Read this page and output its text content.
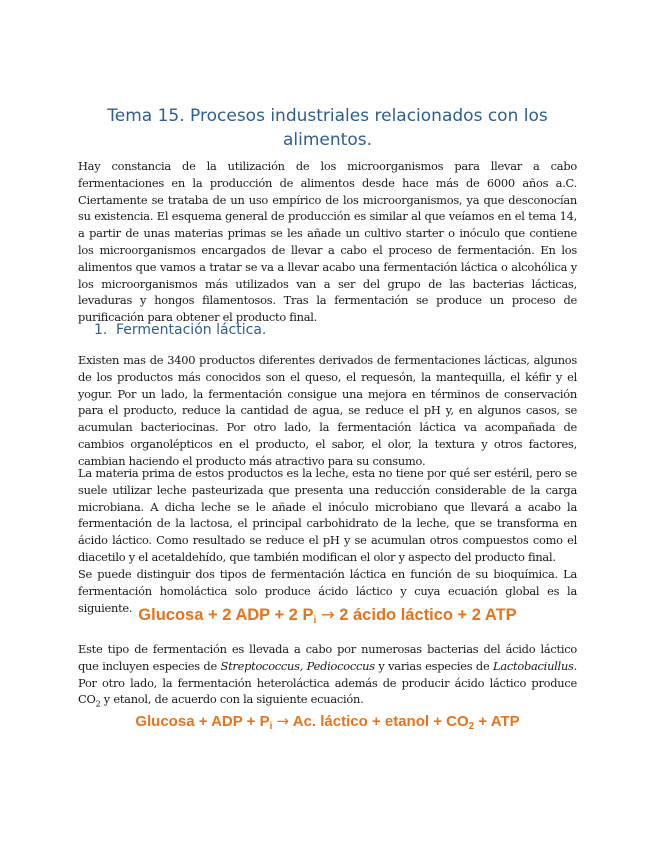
Tema 15. Procesos industriales relacionados con los
alimentos.

Hay constancia de la utilización de los microorganismos para llevar a cabo fermentaciones en la producción de alimentos desde hace más de 6000 años a.C. Ciertamente se trataba de un uso empírico de los microorganismos, ya que desconocían su existencia. El esquema general de producción es similar al que veíamos en el tema 14, a partir de unas materias primas se les añade un cultivo starter o inóculo que contiene los microorganismos encargados de llevar a cabo el proceso de fermentación. En los alimentos que vamos a tratar se va a llevar acabo una fermentación láctica o alcohólica y los microorganismos más utilizados van a ser del grupo de las bacterias lácticas, levaduras y hongos filamentosos. Tras la fermentación se produce un proceso de purificación para obtener el producto final.

1. Fermentación láctica.

Existen mas de 3400 productos diferentes derivados de fermentaciones lácticas, algunos de los productos más conocidos son el queso, el requesón, la mantequilla, el kéfir y el yogur. Por un lado, la fermentación consigue una mejora en términos de conservación para el producto, reduce la cantidad de agua, se reduce el pH y, en algunos casos, se acumulan bacteriocinas. Por otro lado, la fermentación láctica va acompañada de cambios organolépticos en el producto, el sabor, el olor, la textura y otros factores, cambian haciendo el producto más atractivo para su consumo.

La materia prima de estos productos es la leche, esta no tiene por qué ser estéril, pero se suele utilizar leche pasteurizada que presenta una reducción considerable de la carga microbiana. A dicha leche se le añade el inóculo microbiano que llevará a acabo la fermentación de la lactosa, el principal carbohidrato de la leche, que se transforma en ácido láctico. Como resultado se reduce el pH y se acumulan otros compuestos como el diacetilo y el acetaldehído, que también modifican el olor y aspecto del producto final.

Se puede distinguir dos tipos de fermentación láctica en función de su bioquímica. La fermentación homoláctica solo produce ácido láctico y cuya ecuación global es la siguiente. Glucosa + 2 ADP + 2 $P_i \to 2$ ácido láctico + 2 ATP

Este tipo de fermentación es llevada a cabo por numerosas bacterias del ácido láctico que incluyen especies de Streptococcus, Pediococcus y varias especies de Lactobaciullus. Por otro lado, la fermentación heteroláctica además de producir ácido láctico produce $CO_2$ y etanol, de acuerdo con la siguiente ecuación.

Glucosa + ADP + $P_i \to Ac$. láctico + etanol + $CO_2$ + ATP
